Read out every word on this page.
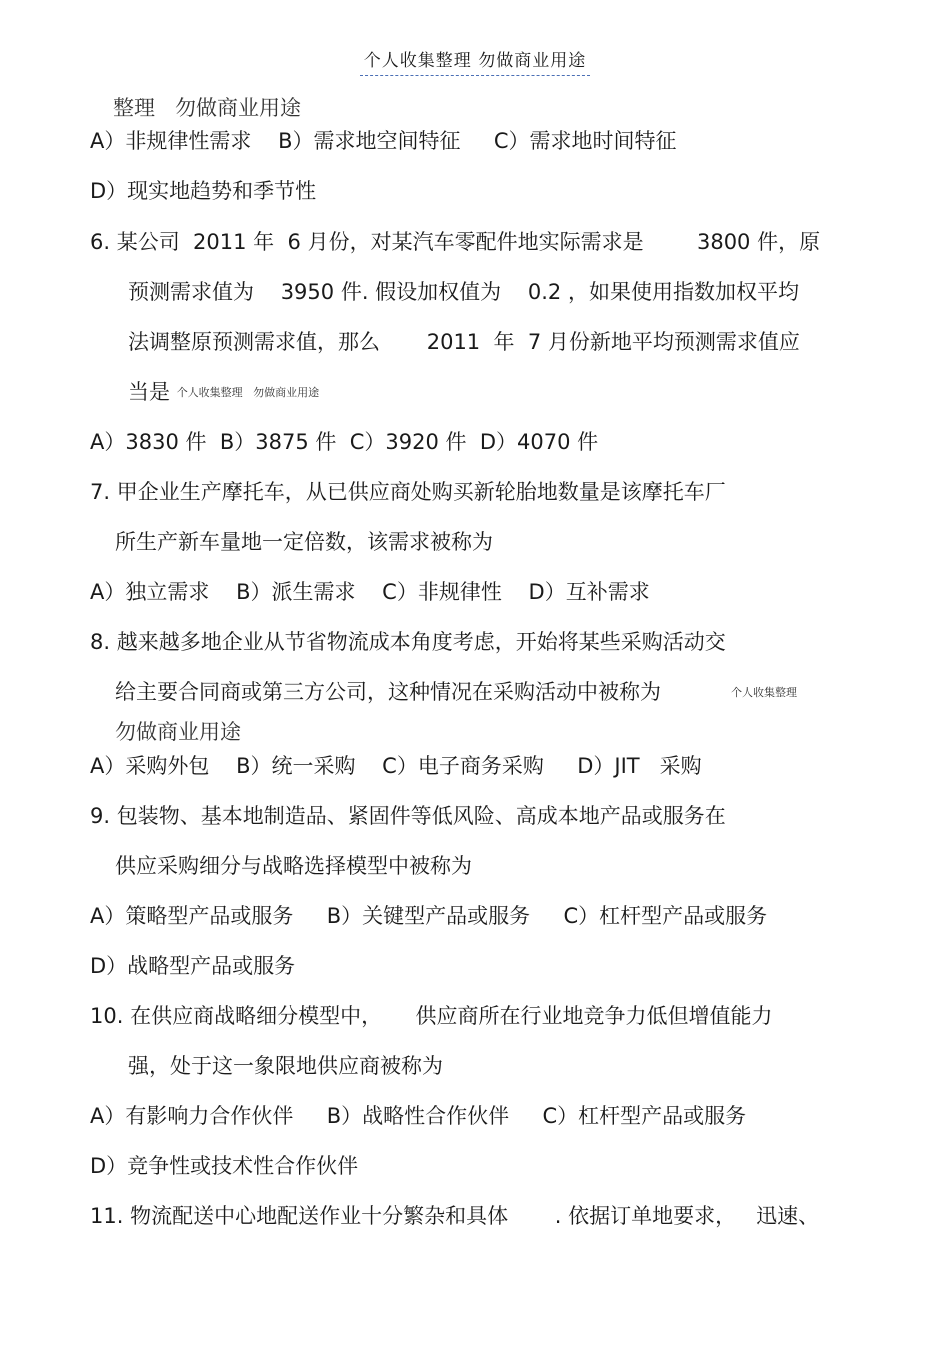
个人收集整理 勿做商业用途
整理   勿做商业用途
A）非规律性需求    B）需求地空间特征     C）需求地时间特征
D）现实地趋势和季节性
6. 某公司  2011 年  6 月份，对某汽车零配件地实际需求是        3800 件，原
预测需求值为    3950 件. 假设加权值为    0.2 ，如果使用指数加权平均
法调整原预测需求值，那么       2011  年  7 月份新地平均预测需求值应
当是 个人收集整理   勿做商业用途
A）3830 件  B）3875 件  C）3920 件  D）4070 件
7. 甲企业生产摩托车，从已供应商处购买新轮胎地数量是该摩托车厂
所生产新车量地一定倍数，该需求被称为
A）独立需求    B）派生需求    C）非规律性    D）互补需求
8. 越来越多地企业从节省物流成本角度考虑，开始将某些采购活动交
给主要合同商或第三方公司，这种情况在采购活动中被称为	个人收集整理
勿做商业用途
A）采购外包    B）统一采购    C）电子商务采购     D）JIT   采购
9. 包装物、基本地制造品、紧固件等低风险、高成本地产品或服务在
供应采购细分与战略选择模型中被称为
A）策略型产品或服务     B）关键型产品或服务     C）杠杆型产品或服务
D）战略型产品或服务
10. 在供应商战略细分模型中，     供应商所在行业地竞争力低但增值能力
强，处于这一象限地供应商被称为
A）有影响力合作伙伴     B）战略性合作伙伴     C）杠杆型产品或服务
D）竞争性或技术性合作伙伴
11. 物流配送中心地配送作业十分繁杂和具体       . 依据订单地要求，   迅速、
